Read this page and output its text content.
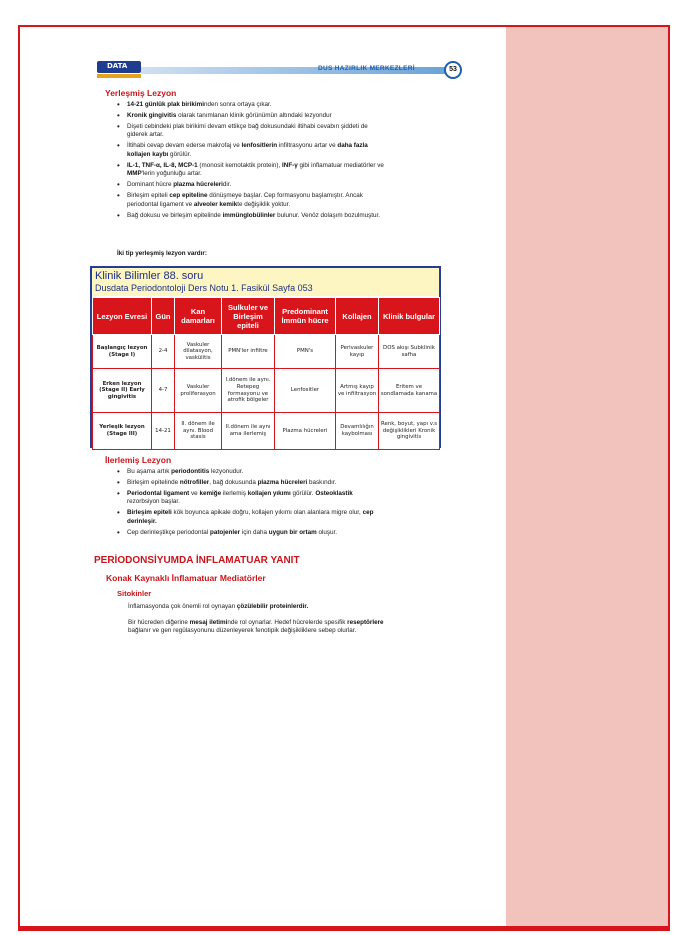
DATA	DUS HAZIRLIK MERKEZLERİ	53
Yerleşmiş Lezyon
• 14-21 günlük plak birikiminden sonra ortaya çıkar.
• Kronik gingivitis olarak tanımlanan klinik görünümün altındaki lezyondur
• Dişeti cebindeki plak birikimi devam ettikçe bağ dokusundaki iltihabi cevabın şiddeti de giderek artar.
• İltihabi cevap devam ederse makrofaj ve lenfositlerin infiltrasyonu artar ve daha fazla kollajen kaybı görülür.
• IL-1, TNF-α, IL-8, MCP-1 (monosit kemotaktik protein), INF-γ gibi inflamatuar mediatörler ve MMP'lerin yoğunluğu artar.
• Dominant hücre plazma hücreleridir.
• Birleşim epiteli cep epiteline dönüşmeye başlar. Cep formasyonu başlamıştır. Ancak periodontal ligament ve alveoler kemikte değişiklik yoktur.
• Bağ dokusu ve birleşim epitelinde immünglobülinler bulunur. Venöz dolaşım bozulmuştur.
İki tip yerleşmiş lezyon vardır:
Klinik Bilimler 88. soru
Dusdata Periodontoloji Ders Notu 1. Fasikül Sayfa 053
Lezyon Evresi	Gün	Kan damarları	Sulkuler ve Birleşim epiteli	Predominant İmmün hücre	Kollajen	Klinik bulgular
Başlangıç lezyon (Stage I)	2-4	Vaskuler dilatasyon, vaskülitis	PMN'ler infiltre	PMN's	Perivaskuler kayıp	DOS akışı Subklinik safha
Erken lezyon (Stage II) Early gingivitis	4-7	Vaskuler proliferasyon	I.dönem ile aynı. Retepeg formasyonu ve atrofik bölgeler	Lenfositler	Artmış kayıp ve infiltrasyon	Eritem ve sondlamada kanama
Yerleşik lezyon (Stage III)	14-21	II. dönem ile aynı. Blood stasis	II.dönem ile aynı ama ilerlemiş	Plazma hücreleri	Devamlılığın kaybolması	Renk, boyut, yapı v.s değişiklikleri Kronik gingivitis
İlerlemiş Lezyon
• Bu aşama artık periodontitis lezyonudur.
• Birleşim epitelinde nötrofiller, bağ dokusunda plazma hücreleri baskındır.
• Periodontal ligament ve kemiğe ilerlemiş kollajen yıkımı görülür. Osteoklastik rezorbsiyon başlar.
• Birleşim epiteli kök boyunca apikale doğru, kollajen yıkımı olan alanlara migre olur, cep derinleşir.
• Cep derinleştikçe periodontal patojenler için daha uygun bir ortam oluşur.
PERİODONSİYUMDA İNFLAMATUAR YANIT
Konak Kaynaklı İnflamatuar Mediatörler
Sitokinler
İnflamasyonda çok önemli rol oynayan çözülebilir proteinlerdir.
Bir hücreden diğerine mesaj iletiminde rol oynarlar. Hedef hücrelerde spesifik reseptörlere bağlanır ve gen regülasyonunu düzenleyerek fenotipik değişikliklere sebep olurlar.
